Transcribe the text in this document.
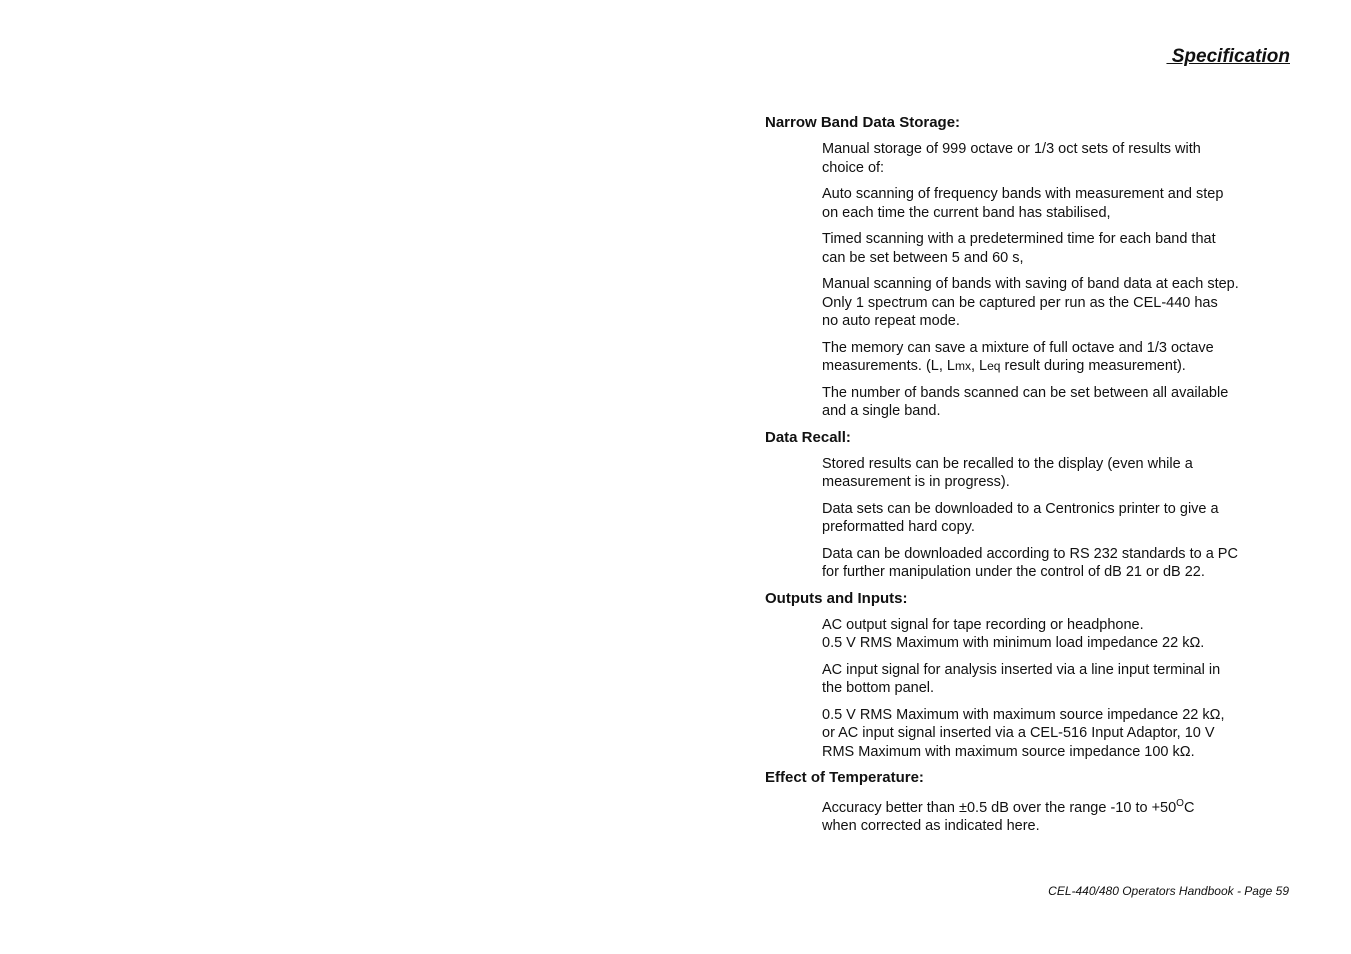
Specification
Narrow Band Data Storage:
Manual storage of 999 octave or 1/3 oct sets of results with
choice of:
Auto scanning of frequency bands with measurement and step
on each time the current band has stabilised,
Timed scanning with a predetermined time for each band that
can be set between 5 and 60 s,
Manual scanning of bands with saving of band data at each step.
Only 1 spectrum can be captured per run as the CEL-440 has
no auto repeat mode.
The memory can save a mixture of full octave and 1/3 octave
measurements. (L, Lmx, Leq result during measurement).
The number of bands scanned can be set between all available
and a single band.
Data Recall:
Stored results can be recalled to the display (even while a
measurement is in progress).
Data sets can be downloaded to a Centronics printer to give a
preformatted hard copy.
Data can be downloaded according to RS 232 standards to a PC
for further manipulation under the control of dB 21 or dB 22.
Outputs and Inputs:
AC output signal for tape recording or headphone.
0.5 V RMS Maximum with minimum load impedance 22 kΩ.
AC input signal for analysis inserted via a line input terminal in
the bottom panel.
0.5 V RMS Maximum with maximum source impedance 22 kΩ,
or AC input signal inserted via a CEL-516 Input Adaptor, 10 V
RMS Maximum with maximum source impedance 100 kΩ.
Effect of Temperature:
Accuracy better than ±0.5 dB over the range -10 to $+50^OC$
when corrected as indicated here.
CEL-440/480 Operators Handbook - Page 59
